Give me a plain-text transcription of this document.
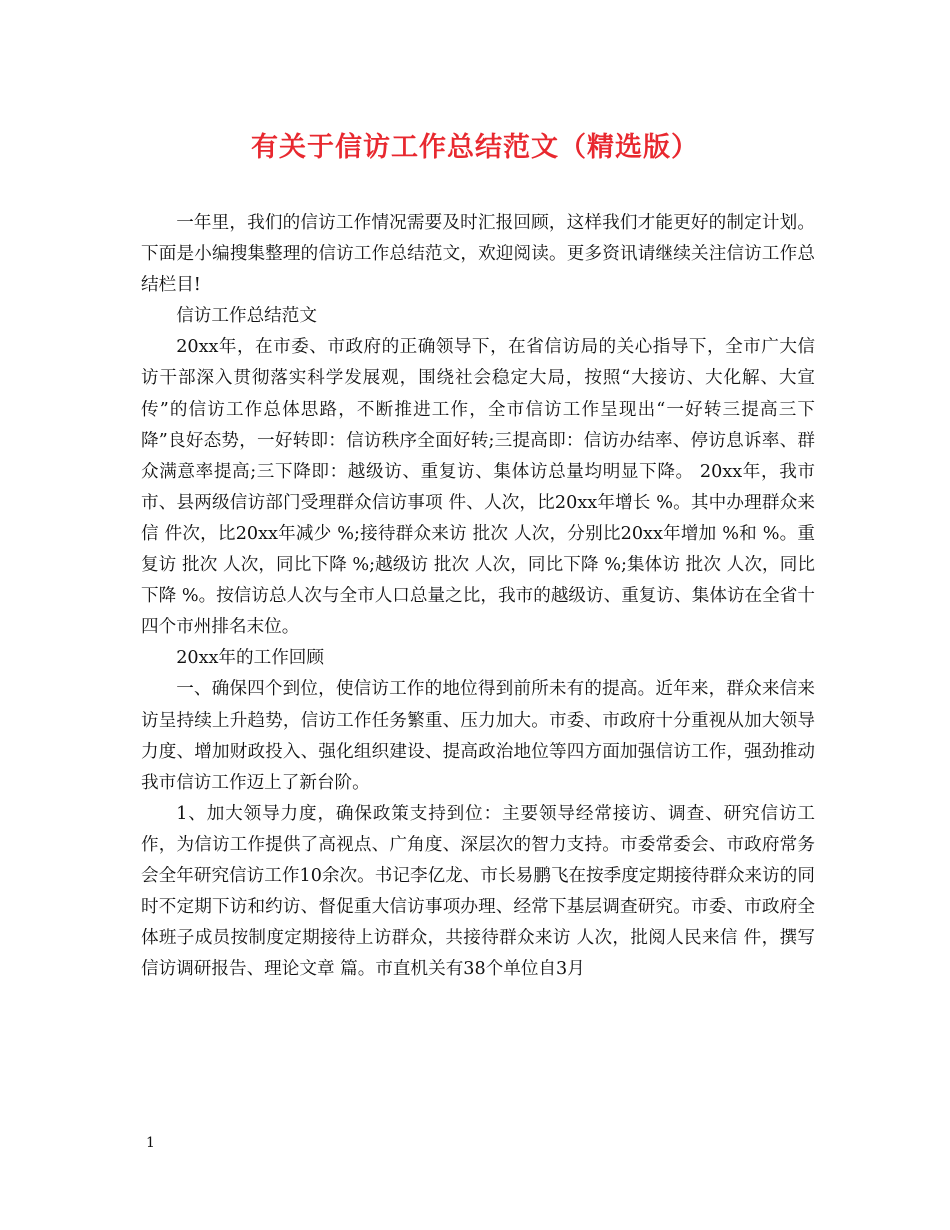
有关于信访工作总结范文（精选版）

一年里，我们的信访工作情况需要及时汇报回顾，这样我们才能更好的制定计划。下面是小编搜集整理的信访工作总结范文，欢迎阅读。更多资讯请继续关注信访工作总结栏目!

信访工作总结范文

20xx年，在市委、市政府的正确领导下，在省信访局的关心指导下，全市广大信访干部深入贯彻落实科学发展观，围绕社会稳定大局，按照“大接访、大化解、大宣传”的信访工作总体思路，不断推进工作，全市信访工作呈现出“一好转三提高三下降”良好态势，一好转即：信访秩序全面好转;三提高即：信访办结率、停访息诉率、群众满意率提高;三下降即：越级访、重复访、集体访总量均明显下降。 20xx年，我市市、县两级信访部门受理群众信访事项 件、人次，比20xx年增长 %。其中办理群众来信 件次，比20xx年减少 %;接待群众来访 批次 人次，分别比20xx年增加 %和 %。重复访 批次 人次，同比下降 %;越级访 批次 人次，同比下降 %;集体访 批次 人次，同比下降 %。按信访总人次与全市人口总量之比，我市的越级访、重复访、集体访在全省十四个市州排名末位。

20xx年的工作回顾

一、确保四个到位，使信访工作的地位得到前所未有的提高。近年来，群众来信来访呈持续上升趋势，信访工作任务繁重、压力加大。市委、市政府十分重视从加大领导力度、增加财政投入、强化组织建设、提高政治地位等四方面加强信访工作，强劲推动我市信访工作迈上了新台阶。

1、加大领导力度，确保政策支持到位：主要领导经常接访、调查、研究信访工作，为信访工作提供了高视点、广角度、深层次的智力支持。市委常委会、市政府常务会全年研究信访工作10余次。书记李亿龙、市长易鹏飞在按季度定期接待群众来访的同时不定期下访和约访、督促重大信访事项办理、经常下基层调查研究。市委、市政府全体班子成员按制度定期接待上访群众，共接待群众来访 人次，批阅人民来信 件，撰写信访调研报告、理论文章 篇。市直机关有38个单位自3月

1
